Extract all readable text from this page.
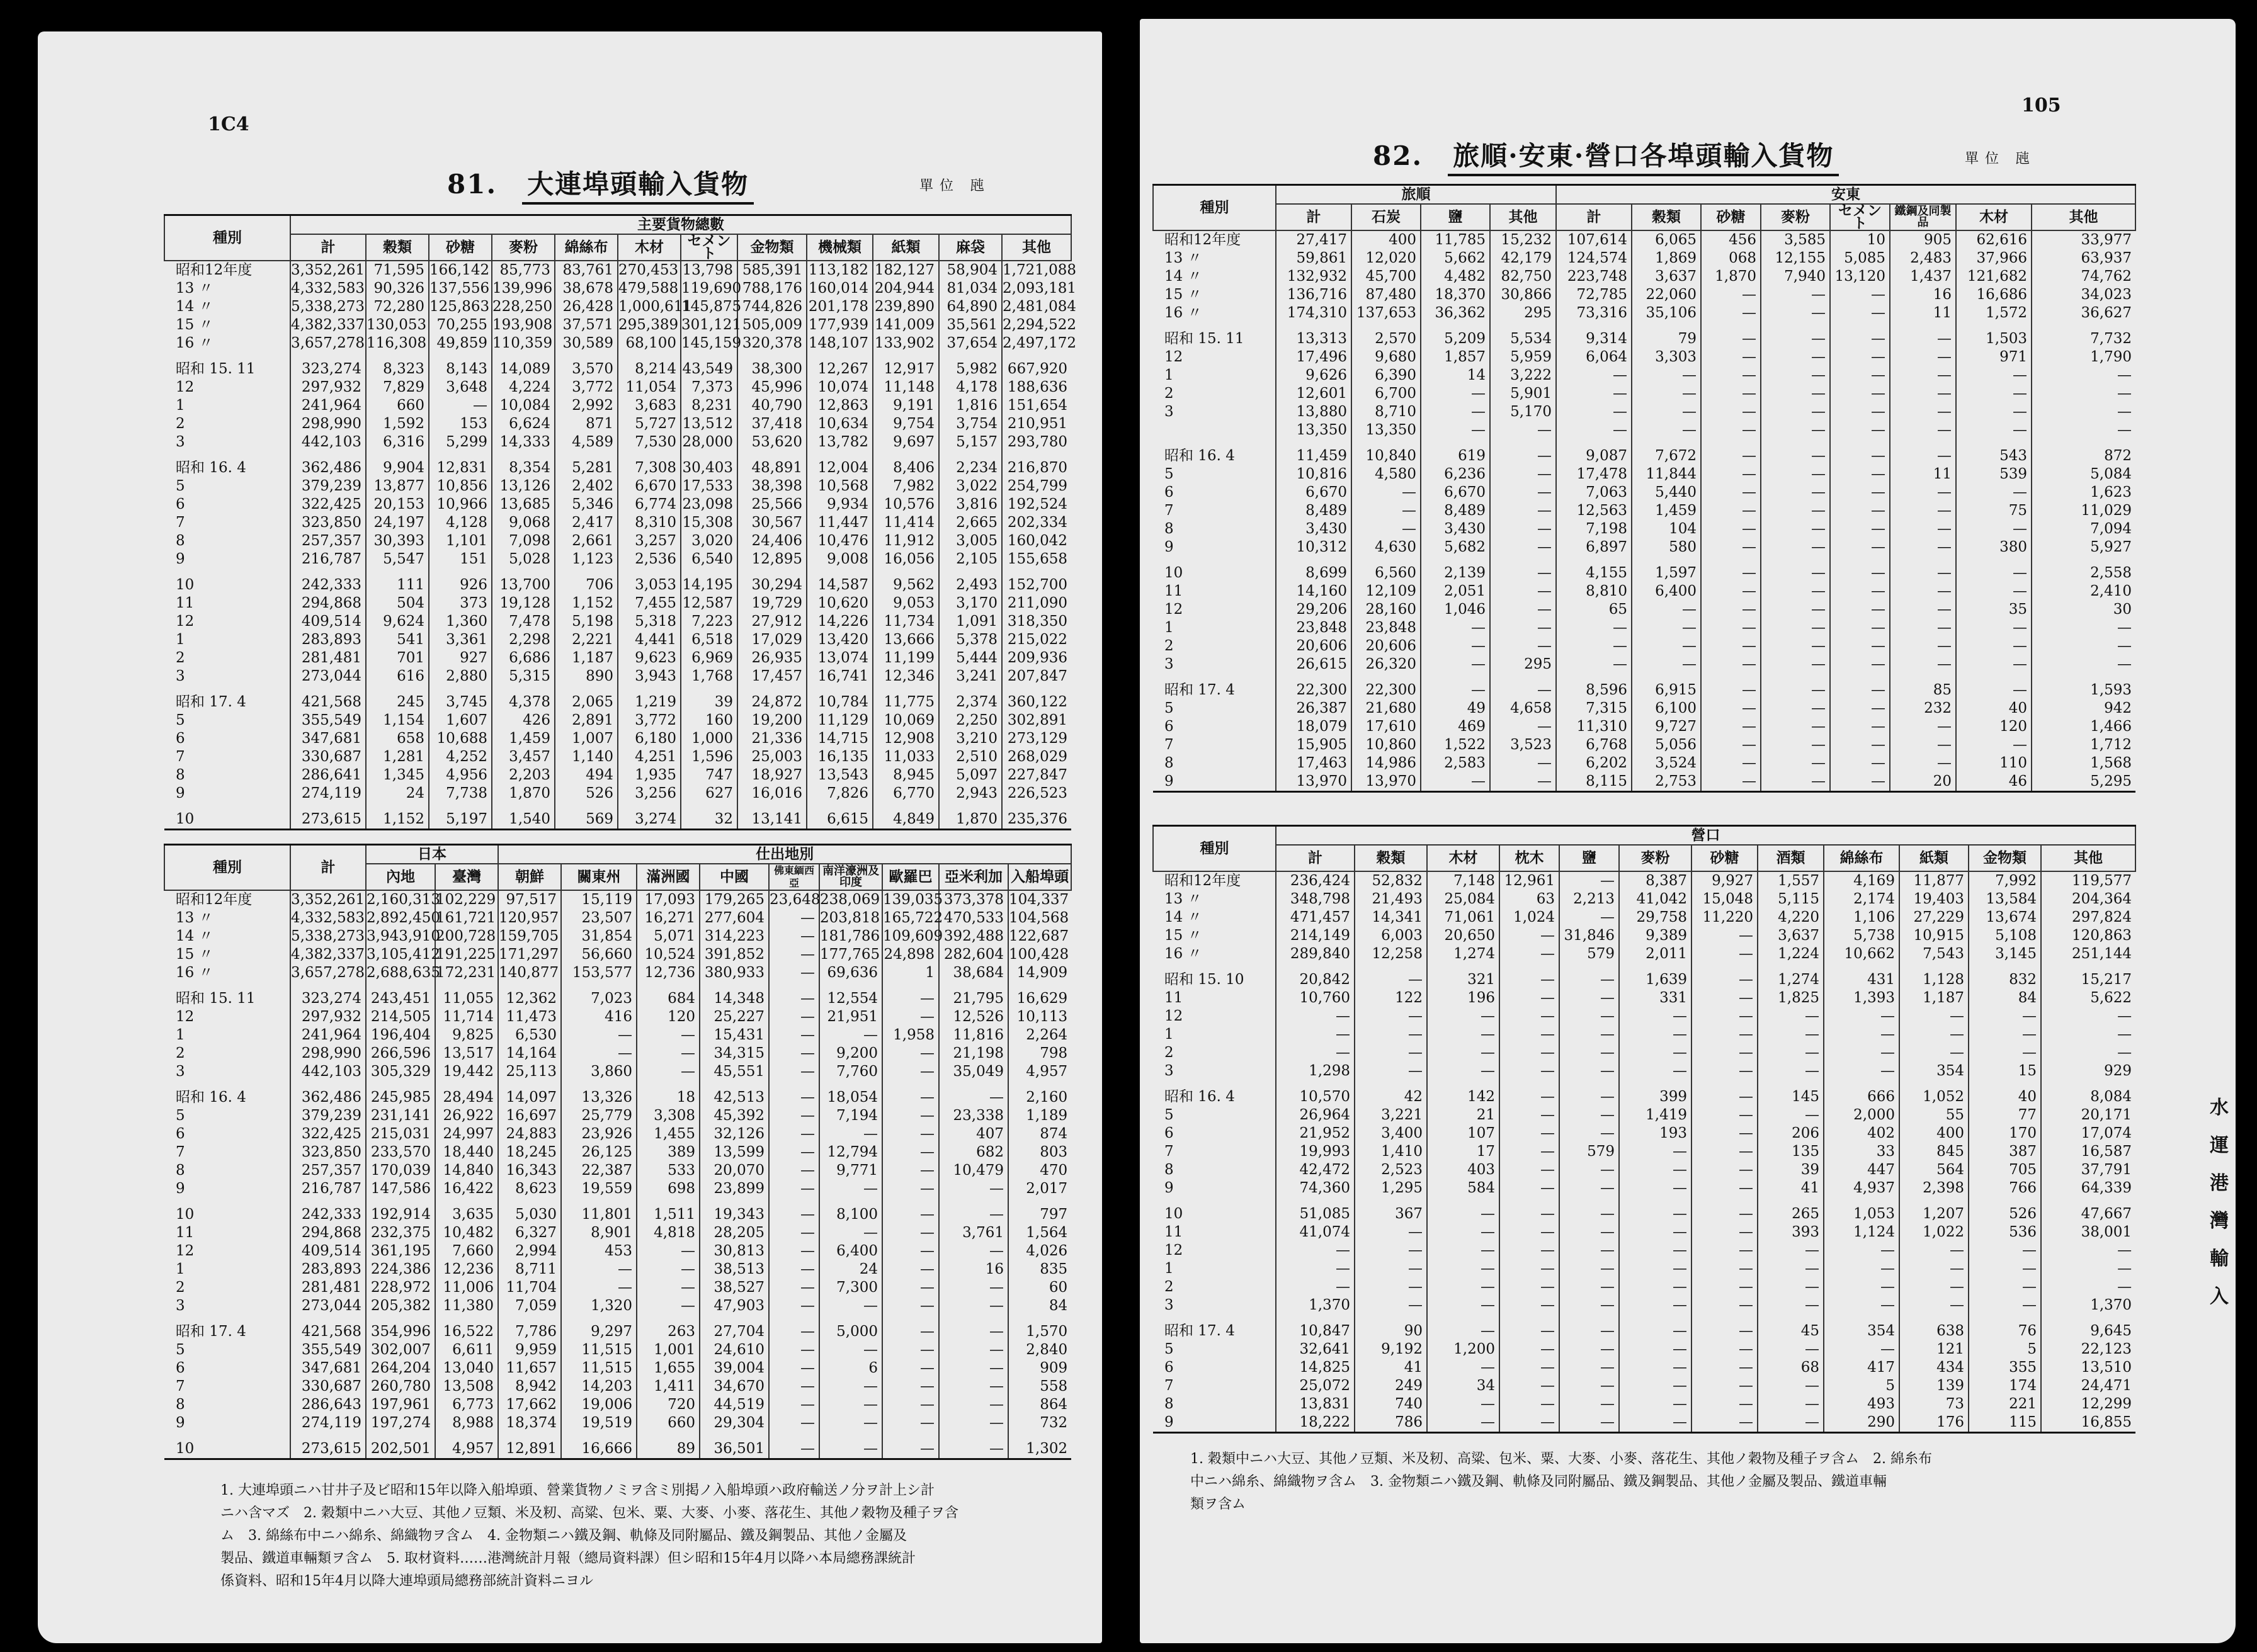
1C4
81. 大連埠頭輸入貨物	單位 瓲
種別	主要貨物總數											
	計	穀類	砂糖	麥粉	綿絲布	木材	セメント	金物類	機械類	紙類	麻袋	其他
昭和12年度	3,352,261	71,595	166,142	85,773	83,761	270,453	13,798	585,391	113,182	182,127	58,904	1,721,088
13 〃	4,332,583	90,326	137,556	139,996	38,678	479,588	119,690	788,176	160,014	204,944	81,034	2,093,181
14 〃	5,338,273	72,280	125,863	228,250	26,428	1,000,611	145,875	744,826	201,178	239,890	64,890	2,481,084
15 〃	4,382,337	130,053	70,255	193,908	37,571	295,389	301,121	505,009	177,939	141,009	35,561	2,294,522
16 〃	3,657,278	116,308	49,859	110,359	30,589	68,100	145,159	320,378	148,107	133,902	37,654	2,497,172

昭和 15. 11	323,274	8,323	8,143	14,089	3,570	8,214	43,549	38,300	12,267	12,917	5,982	667,920
12	297,932	7,829	3,648	4,224	3,772	11,054	7,373	45,996	10,074	11,148	4,178	188,636
1	241,964	660	—	10,084	2,992	3,683	8,231	40,790	12,863	9,191	1,816	151,654
2	298,990	1,592	153	6,624	871	5,727	13,512	37,418	10,634	9,754	3,754	210,951
3	442,103	6,316	5,299	14,333	4,589	7,530	28,000	53,620	13,782	9,697	5,157	293,780

昭和 16. 4	362,486	9,904	12,831	8,354	5,281	7,308	30,403	48,891	12,004	8,406	2,234	216,870
5	379,239	13,877	10,856	13,126	2,402	6,670	17,533	38,398	10,568	7,982	3,022	254,799
6	322,425	20,153	10,966	13,685	5,346	6,774	23,098	25,566	9,934	10,576	3,816	192,524
7	323,850	24,197	4,128	9,068	2,417	8,310	15,308	30,567	11,447	11,414	2,665	202,334
8	257,357	30,393	1,101	7,098	2,661	3,257	3,020	24,406	10,476	11,912	3,005	160,042
9	216,787	5,547	151	5,028	1,123	2,536	6,540	12,895	9,008	16,056	2,105	155,658

10	242,333	111	926	13,700	706	3,053	14,195	30,294	14,587	9,562	2,493	152,700
11	294,868	504	373	19,128	1,152	7,455	12,587	19,729	10,620	9,053	3,170	211,090
12	409,514	9,624	1,360	7,478	5,198	5,318	7,223	27,912	14,226	11,734	1,091	318,350
1	283,893	541	3,361	2,298	2,221	4,441	6,518	17,029	13,420	13,666	5,378	215,022
2	281,481	701	927	6,686	1,187	9,623	6,969	26,935	13,074	11,199	5,444	209,936
3	273,044	616	2,880	5,315	890	3,943	1,768	17,457	16,741	12,346	3,241	207,847

昭和 17. 4	421,568	245	3,745	4,378	2,065	1,219	39	24,872	10,784	11,775	2,374	360,122
5	355,549	1,154	1,607	426	2,891	3,772	160	19,200	11,129	10,069	2,250	302,891
6	347,681	658	10,688	1,459	1,007	6,180	1,000	21,336	14,715	12,908	3,210	273,129
7	330,687	1,281	4,252	3,457	1,140	4,251	1,596	25,003	16,135	11,033	2,510	268,029
8	286,641	1,345	4,956	2,203	494	1,935	747	18,927	13,543	8,945	5,097	227,847
9	274,119	24	7,738	1,870	526	3,256	627	16,016	7,826	6,770	2,943	226,523

10	273,615	1,152	5,197	1,540	569	3,274	32	13,141	6,615	4,849	1,870	235,376
種別	計	日本		仕出地別								
		內地	臺灣	朝鮮	關東州	滿洲國	中國	佛東緬西亞	南洋濠洲及印度	歐羅巴	亞米利加	入船埠頭
昭和12年度	3,352,261	2,160,313	102,229	97,517	15,119	17,093	179,265	23,648	238,069	139,035	373,378	104,337
13 〃	4,332,583	2,892,450	161,721	120,957	23,507	16,271	277,604	—	203,818	165,722	470,533	104,568
14 〃	5,338,273	3,943,910	200,728	159,705	31,854	5,071	314,223	—	181,786	109,609	392,488	122,687
15 〃	4,382,337	3,105,412	191,225	171,297	56,660	10,524	391,852	—	177,765	24,898	282,604	100,428
16 〃	3,657,278	2,688,635	172,231	140,877	153,577	12,736	380,933	—	69,636	1	38,684	14,909

昭和 15. 11	323,274	243,451	11,055	12,362	7,023	684	14,348	—	12,554	—	21,795	16,629
12	297,932	214,505	11,714	11,473	416	120	25,227	—	21,951	—	12,526	10,113
1	241,964	196,404	9,825	6,530	—	—	15,431	—	—	1,958	11,816	2,264
2	298,990	266,596	13,517	14,164	—	—	34,315	—	9,200	—	21,198	798
3	442,103	305,329	19,442	25,113	3,860	—	45,551	—	7,760	—	35,049	4,957

昭和 16. 4	362,486	245,985	28,494	14,097	13,326	18	42,513	—	18,054	—	—	2,160
5	379,239	231,141	26,922	16,697	25,779	3,308	45,392	—	7,194	—	23,338	1,189
6	322,425	215,031	24,997	24,883	23,926	1,455	32,126	—	—	—	407	874
7	323,850	233,570	18,440	18,245	26,125	389	13,599	—	12,794	—	682	803
8	257,357	170,039	14,840	16,343	22,387	533	20,070	—	9,771	—	10,479	470
9	216,787	147,586	16,422	8,623	19,559	698	23,899	—	—	—	—	2,017

10	242,333	192,914	3,635	5,030	11,801	1,511	19,343	—	8,100	—	—	797
11	294,868	232,375	10,482	6,327	8,901	4,818	28,205	—	—	—	3,761	1,564
12	409,514	361,195	7,660	2,994	453	—	30,813	—	6,400	—	—	4,026
1	283,893	224,386	12,236	8,711	—	—	38,513	—	24	—	16	835
2	281,481	228,972	11,006	11,704	—	—	38,527	—	7,300	—	—	60
3	273,044	205,382	11,380	7,059	1,320	—	47,903	—	—	—	—	84

昭和 17. 4	421,568	354,996	16,522	7,786	9,297	263	27,704	—	5,000	—	—	1,570
5	355,549	302,007	6,611	9,959	11,515	1,001	24,610	—	—	—	—	2,840
6	347,681	264,204	13,040	11,657	11,515	1,655	39,004	—	6	—	—	909
7	330,687	260,780	13,508	8,942	14,203	1,411	34,670	—	—	—	—	558
8	286,643	197,961	6,773	17,662	19,006	720	44,519	—	—	—	—	864
9	274,119	197,274	8,988	18,374	19,519	660	29,304	—	—	—	—	732

10	273,615	202,501	4,957	12,891	16,666	89	36,501	—	—	—	—	1,302
1. 大連埠頭ニハ甘井子及ビ昭和15年以降入船埠頭、營業貨物ノミヲ含ミ別掲ノ入船埠頭ハ政府輸送ノ分ヲ計上シ計
ニハ含マズ　2. 穀類中ニハ大豆、其他ノ豆類、米及籾、高粱、包米、粟、大麥、小麥、落花生、其他ノ穀物及種子ヲ含
ム　3. 綿絲布中ニハ綿糸、綿織物ヲ含ム　4. 金物類ニハ鐵及鋼、軌條及同附屬品、鐵及鋼製品、其他ノ金屬及
製品、鐵道車輛類ヲ含ム　5. 取材資料……港灣統計月報（總局資料課）但シ昭和15年4月以降ハ本局總務課統計
係資料、昭和15年4月以降大連埠頭局總務部統計資料ニヨル
105
82. 旅順·安東·營口各埠頭輸入貨物	單位 瓲
種別	旅順				安東							
	計	石炭	鹽	其他	計	穀類	砂糖	麥粉	セメント	鐵鋼及同製品	木材	其他
昭和12年度	27,417	400	11,785	15,232	107,614	6,065	456	3,585	10	905	62,616	33,977
13 〃	59,861	12,020	5,662	42,179	124,574	1,869	068	12,155	5,085	2,483	37,966	63,937
14 〃	132,932	45,700	4,482	82,750	223,748	3,637	1,870	7,940	13,120	1,437	121,682	74,762
15 〃	136,716	87,480	18,370	30,866	72,785	22,060	—	—	—	16	16,686	34,023
16 〃	174,310	137,653	36,362	295	73,316	35,106	—	—	—	11	1,572	36,627

昭和 15. 11	13,313	2,570	5,209	5,534	9,314	79	—	—	—	—	1,503	7,732
12	17,496	9,680	1,857	5,959	6,064	3,303	—	—	—	—	971	1,790
1	9,626	6,390	14	3,222	—	—	—	—	—	—	—	—
2	12,601	6,700	—	5,901	—	—	—	—	—	—	—	—
3	13,880	8,710	—	5,170	—	—	—	—	—	—	—	—
	13,350	13,350	—	—	—	—	—	—	—	—	—	—

昭和 16. 4	11,459	10,840	619	—	9,087	7,672	—	—	—	—	543	872
5	10,816	4,580	6,236	—	17,478	11,844	—	—	—	11	539	5,084
6	6,670	—	6,670	—	7,063	5,440	—	—	—	—	—	1,623
7	8,489	—	8,489	—	12,563	1,459	—	—	—	—	75	11,029
8	3,430	—	3,430	—	7,198	104	—	—	—	—	—	7,094
9	10,312	4,630	5,682	—	6,897	580	—	—	—	—	380	5,927

10	8,699	6,560	2,139	—	4,155	1,597	—	—	—	—	—	2,558
11	14,160	12,109	2,051	—	8,810	6,400	—	—	—	—	—	2,410
12	29,206	28,160	1,046	—	65	—	—	—	—	—	35	30
1	23,848	23,848	—	—	—	—	—	—	—	—	—	—
2	20,606	20,606	—	—	—	—	—	—	—	—	—	—
3	26,615	26,320	—	295	—	—	—	—	—	—	—	—

昭和 17. 4	22,300	22,300	—	—	8,596	6,915	—	—	—	85	—	1,593
5	26,387	21,680	49	4,658	7,315	6,100	—	—	—	232	40	942
6	18,079	17,610	469	—	11,310	9,727	—	—	—	—	120	1,466
7	15,905	10,860	1,522	3,523	6,768	5,056	—	—	—	—	—	1,712
8	17,463	14,986	2,583	—	6,202	3,524	—	—	—	—	110	1,568
9	13,970	13,970	—	—	8,115	2,753	—	—	—	20	46	5,295
種別	營口											
	計	穀類	木材	枕木	鹽	麥粉	砂糖	酒類	綿絲布	紙類	金物類	其他
昭和12年度	236,424	52,832	7,148	12,961	—	8,387	9,927	1,557	4,169	11,877	7,992	119,577
13 〃	348,798	21,493	25,084	63	2,213	41,042	15,048	5,115	2,174	19,403	13,584	204,364
14 〃	471,457	14,341	71,061	1,024	—	29,758	11,220	4,220	1,106	27,229	13,674	297,824
15 〃	214,149	6,003	20,650	—	31,846	9,389	—	3,637	5,738	10,915	5,108	120,863
16 〃	289,840	12,258	1,274	—	579	2,011	—	1,224	10,662	7,543	3,145	251,144

昭和 15. 10	20,842	—	321	—	—	1,639	—	1,274	431	1,128	832	15,217
11	10,760	122	196	—	—	331	—	1,825	1,393	1,187	84	5,622
12	—	—	—	—	—	—	—	—	—	—	—	—
1	—	—	—	—	—	—	—	—	—	—	—	—
2	—	—	—	—	—	—	—	—	—	—	—	—
3	1,298	—	—	—	—	—	—	—	—	354	15	929

昭和 16. 4	10,570	42	142	—	—	399	—	145	666	1,052	40	8,084
5	26,964	3,221	21	—	—	1,419	—	—	2,000	55	77	20,171
6	21,952	3,400	107	—	—	193	—	206	402	400	170	17,074
7	19,993	1,410	17	—	579	—	—	135	33	845	387	16,587
8	42,472	2,523	403	—	—	—	—	39	447	564	705	37,791
9	74,360	1,295	584	—	—	—	—	41	4,937	2,398	766	64,339

10	51,085	367	—	—	—	—	—	265	1,053	1,207	526	47,667
11	41,074	—	—	—	—	—	—	393	1,124	1,022	536	38,001
12	—	—	—	—	—	—	—	—	—	—	—	—
1	—	—	—	—	—	—	—	—	—	—	—	—
2	—	—	—	—	—	—	—	—	—	—	—	—
3	1,370	—	—	—	—	—	—	—	—	—	—	1,370

昭和 17. 4	10,847	90	—	—	—	—	—	45	354	638	76	9,645
5	32,641	9,192	1,200	—	—	—	—	—	—	121	5	22,123
6	14,825	41	—	—	—	—	—	68	417	434	355	13,510
7	25,072	249	34	—	—	—	—	—	5	139	174	24,471
8	13,831	740	—	—	—	—	—	—	493	73	221	12,299
9	18,222	786	—	—	—	—	—	—	290	176	115	16,855
1. 穀類中ニハ大豆、其他ノ豆類、米及籾、高粱、包米、粟、大麥、小麥、落花生、其他ノ穀物及種子ヲ含ム　2. 綿糸布
中ニハ綿糸、綿織物ヲ含ム　3. 金物類ニハ鐵及鋼、軌條及同附屬品、鐵及鋼製品、其他ノ金屬及製品、鐵道車輛
類ヲ含ム
水
運
港
灣
輸
入
